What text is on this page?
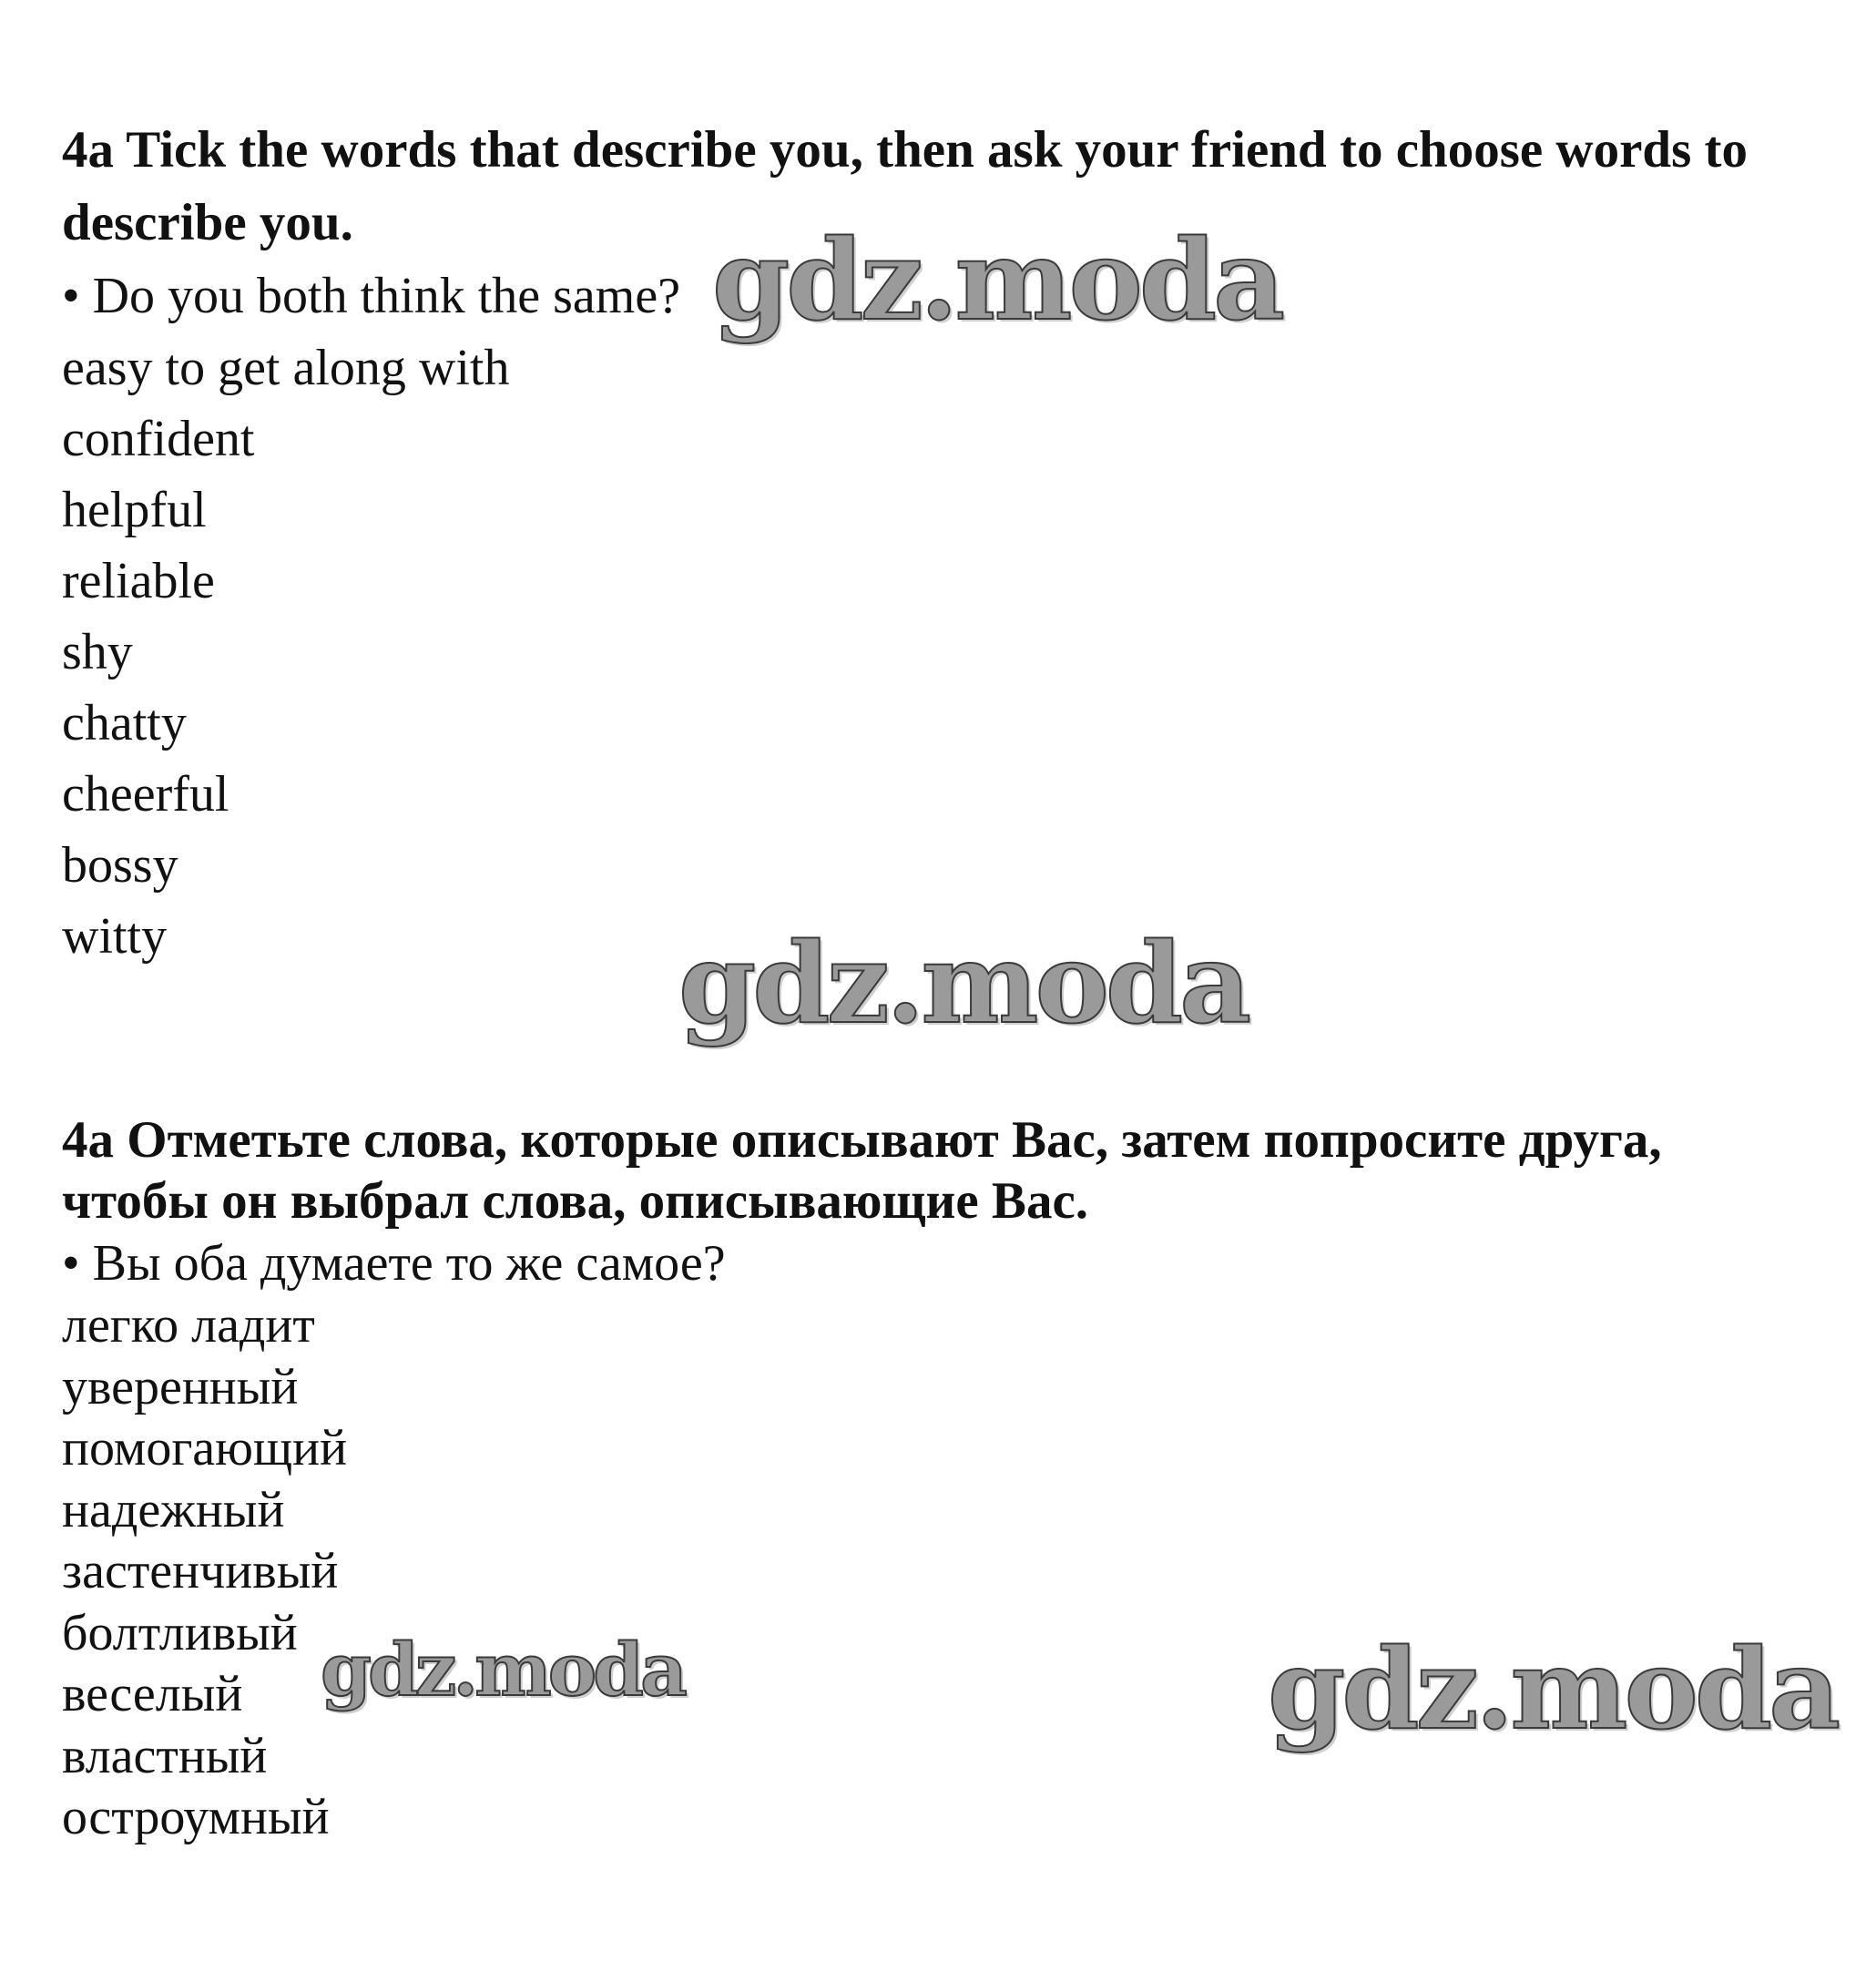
4a Tick the words that describe you, then ask your friend to choose words to describe you.

• Do you both think the same?

easy to get along with
confident
helpful
reliable
shy
chatty
cheerful
bossy
witty

4a Отметьте слова, которые описывают Вас, затем попросите друга, чтобы он выбрал слова, описывающие Вас.

• Вы оба думаете то же самое?

легко ладит
уверенный
помогающий
надежный
застенчивый
болтливый
веселый
властный
остроумный
gdz.moda
gdz.moda
gdz.moda	gdz.moda
